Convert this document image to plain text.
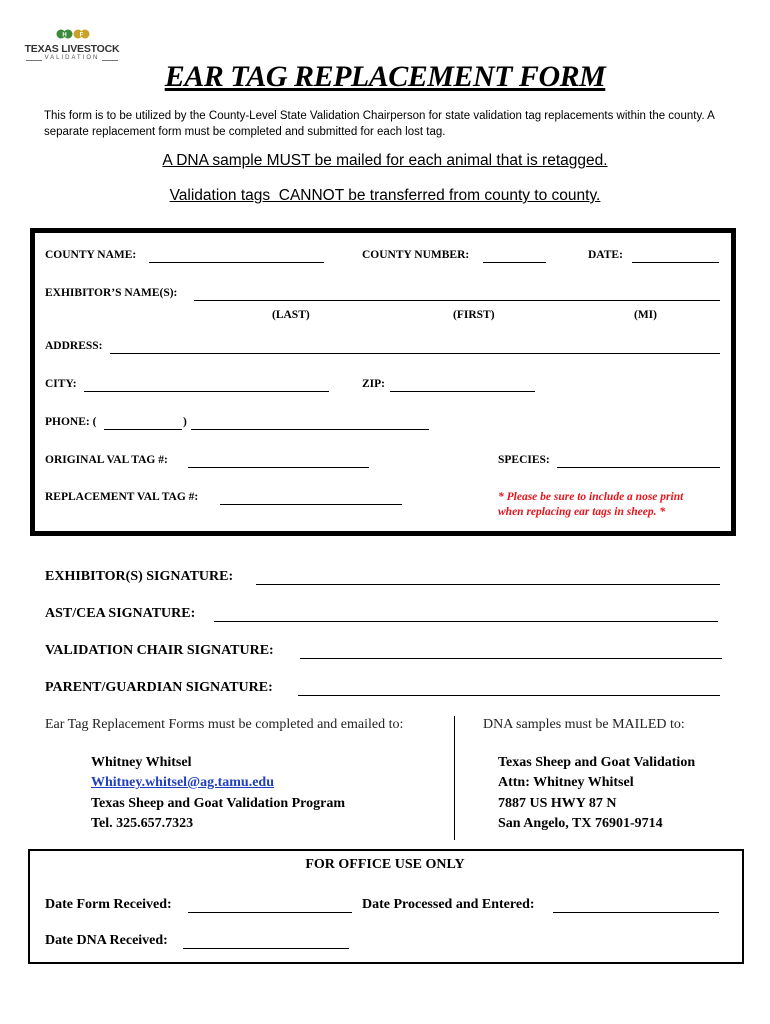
H F
TEXAS LIVESTOCK
VALIDATION
EAR TAG REPLACEMENT FORM
This form is to be utilized by the County-Level State Validation Chairperson for state validation tag replacements within the county. A separate replacement form must be completed and submitted for each lost tag.
A DNA sample MUST be mailed for each animal that is retagged.
Validation tags  CANNOT be transferred from county to county.
COUNTY NAME:	COUNTY NUMBER:	DATE:
EXHIBITOR’S NAME(S):
(LAST)	(FIRST)	(MI)
ADDRESS:
CITY:	ZIP:
PHONE: (	)
ORIGINAL VAL TAG #:	SPECIES:
REPLACEMENT VAL TAG #:	* Please be sure to include a nose print
when replacing ear tags in sheep. *
EXHIBITOR(S) SIGNATURE:
AST/CEA SIGNATURE:
VALIDATION CHAIR SIGNATURE:
PARENT/GUARDIAN SIGNATURE:
Ear Tag Replacement Forms must be completed and emailed to:	DNA samples must be MAILED to:
Whitney Whitsel
Whitney.whitsel@ag.tamu.edu
Texas Sheep and Goat Validation Program
Tel. 325.657.7323
Texas Sheep and Goat Validation
Attn: Whitney Whitsel
7887 US HWY 87 N
San Angelo, TX 76901-9714
FOR OFFICE USE ONLY
Date Form Received:	Date Processed and Entered:
Date DNA Received:
